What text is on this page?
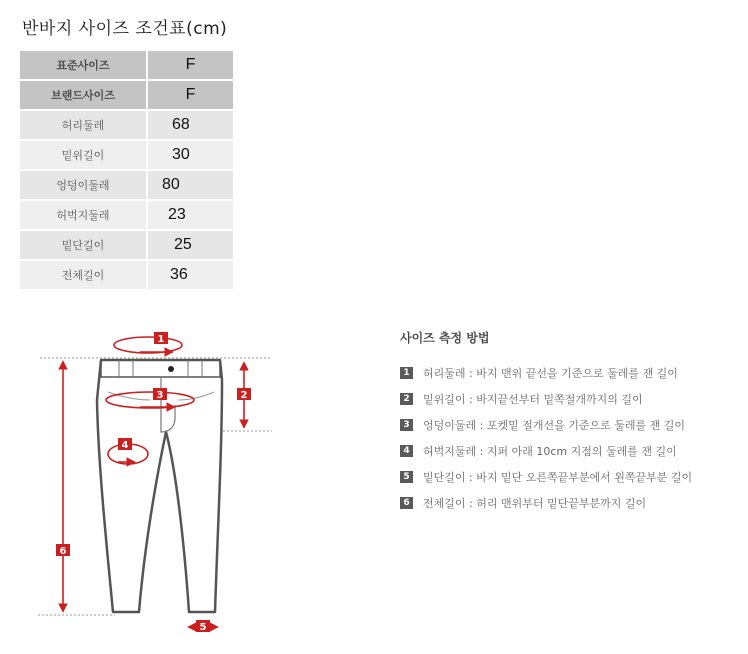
반바지 사이즈 조건표(cm)
표준사이즈	F
브랜드사이즈	F
허리둘레	68
밑위길이	30
엉덩이둘레	80
허벅지둘레	23
밑단길이	25
전체길이	36
1
2
3
4
5
6
사이즈 측정 방법
1	허리둘레 : 바지 맨위 끝선을 기준으로 둘레를 잰 길이
2	밑위길이 : 바지끝선부터 밑쪽절개까지의 길이
3	엉덩이둘레 : 포켓밑 절개선을 기준으로 둘레를 잰 길이
4	허벅지둘레 : 지퍼 아래 10cm 지점의 둘레를 잰 길이
5	밑단길이 : 바지 밑단 오른쪽끝부분에서 왼쪽끝부분 길이
6	전체길이 : 허리 맨위부터 밑단끝부분까지 길이
